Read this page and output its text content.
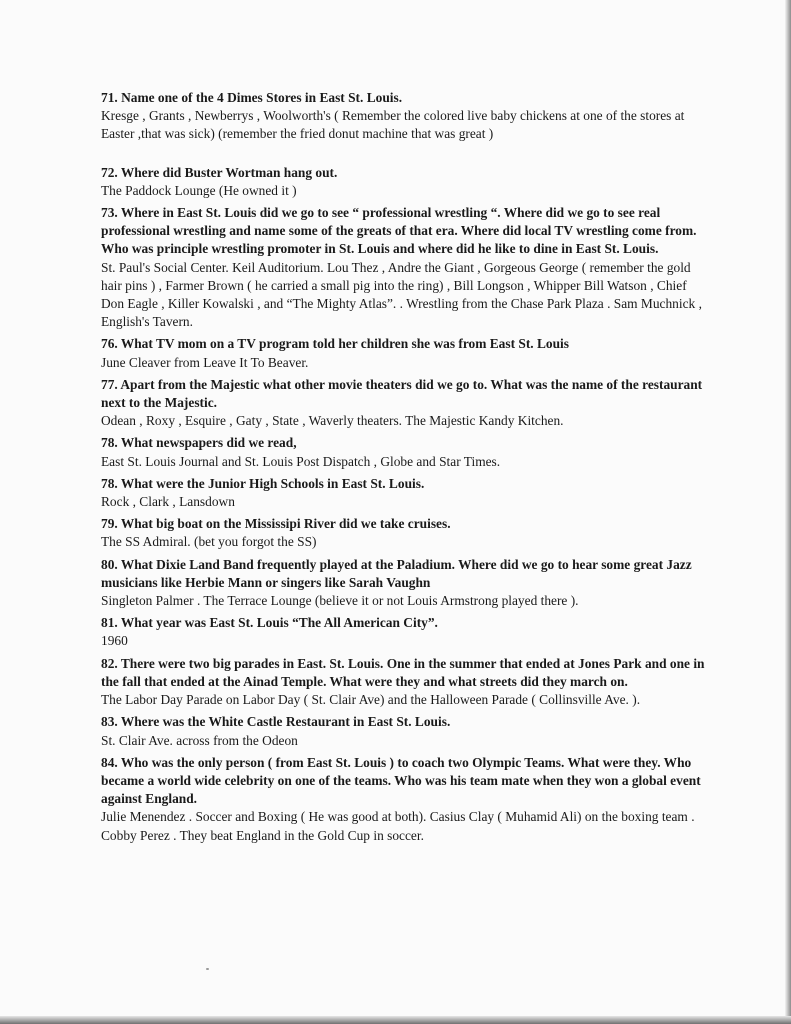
71. Name one of the 4 Dimes Stores in East St. Louis.
Kresge , Grants , Newberrys , Woolworth's ( Remember the colored live baby chickens at one of the stores at Easter ,that was sick) (remember the fried donut machine that was great )
72. Where did Buster Wortman hang out.
The Paddock Lounge (He owned it )
73. Where in East St. Louis did we go to see “ professional wrestling “. Where did we go to see real professional wrestling and name some of the greats of that era. Where did local TV wrestling come from. Who was principle wrestling promoter in St. Louis and where did he like to dine in East St. Louis.
St. Paul's Social Center. Keil Auditorium. Lou Thez , Andre the Giant , Gorgeous George ( remember the gold hair pins ) , Farmer Brown ( he carried a small pig into the ring) , Bill Longson , Whipper Bill Watson , Chief Don Eagle , Killer Kowalski , and “The Mighty Atlas”. . Wrestling from the Chase Park Plaza . Sam Muchnick , English's Tavern.
76. What TV mom on a TV program told her children she was from East St. Louis
June Cleaver from Leave It To Beaver.
77. Apart from the Majestic what other movie theaters did we go to. What was the name of the restaurant next to the Majestic.
Odean , Roxy , Esquire , Gaty , State , Waverly theaters. The Majestic Kandy Kitchen.
78. What newspapers did we read,
East St. Louis Journal and St. Louis Post Dispatch , Globe and Star Times.
78. What were the Junior High Schools in East St. Louis.
Rock , Clark , Lansdown
79. What big boat on the Mississipi River did we take cruises.
The SS Admiral. (bet you forgot the SS)
80. What Dixie Land Band frequently played at the Paladium. Where did we go to hear some great Jazz musicians like Herbie Mann or singers like Sarah Vaughn
Singleton Palmer . The Terrace Lounge (believe it or not Louis Armstrong played there ).
81. What year was East St. Louis “The All American City”.
1960
82. There were two big parades in East. St. Louis. One in the summer that ended at Jones Park and one in the fall that ended at the Ainad Temple. What were they and what streets did they march on.
The Labor Day Parade on Labor Day ( St. Clair Ave) and the Halloween Parade ( Collinsville Ave. ).
83. Where was the White Castle Restaurant in East St. Louis.
St. Clair Ave. across from the Odeon
84. Who was the only person ( from East St. Louis ) to coach two Olympic Teams. What were they. Who became a world wide celebrity on one of the teams. Who was his team mate when they won a global event against England.
Julie Menendez . Soccer and Boxing ( He was good at both). Casius Clay ( Muhamid Ali) on the boxing team . Cobby Perez . They beat England in the Gold Cup in soccer.
